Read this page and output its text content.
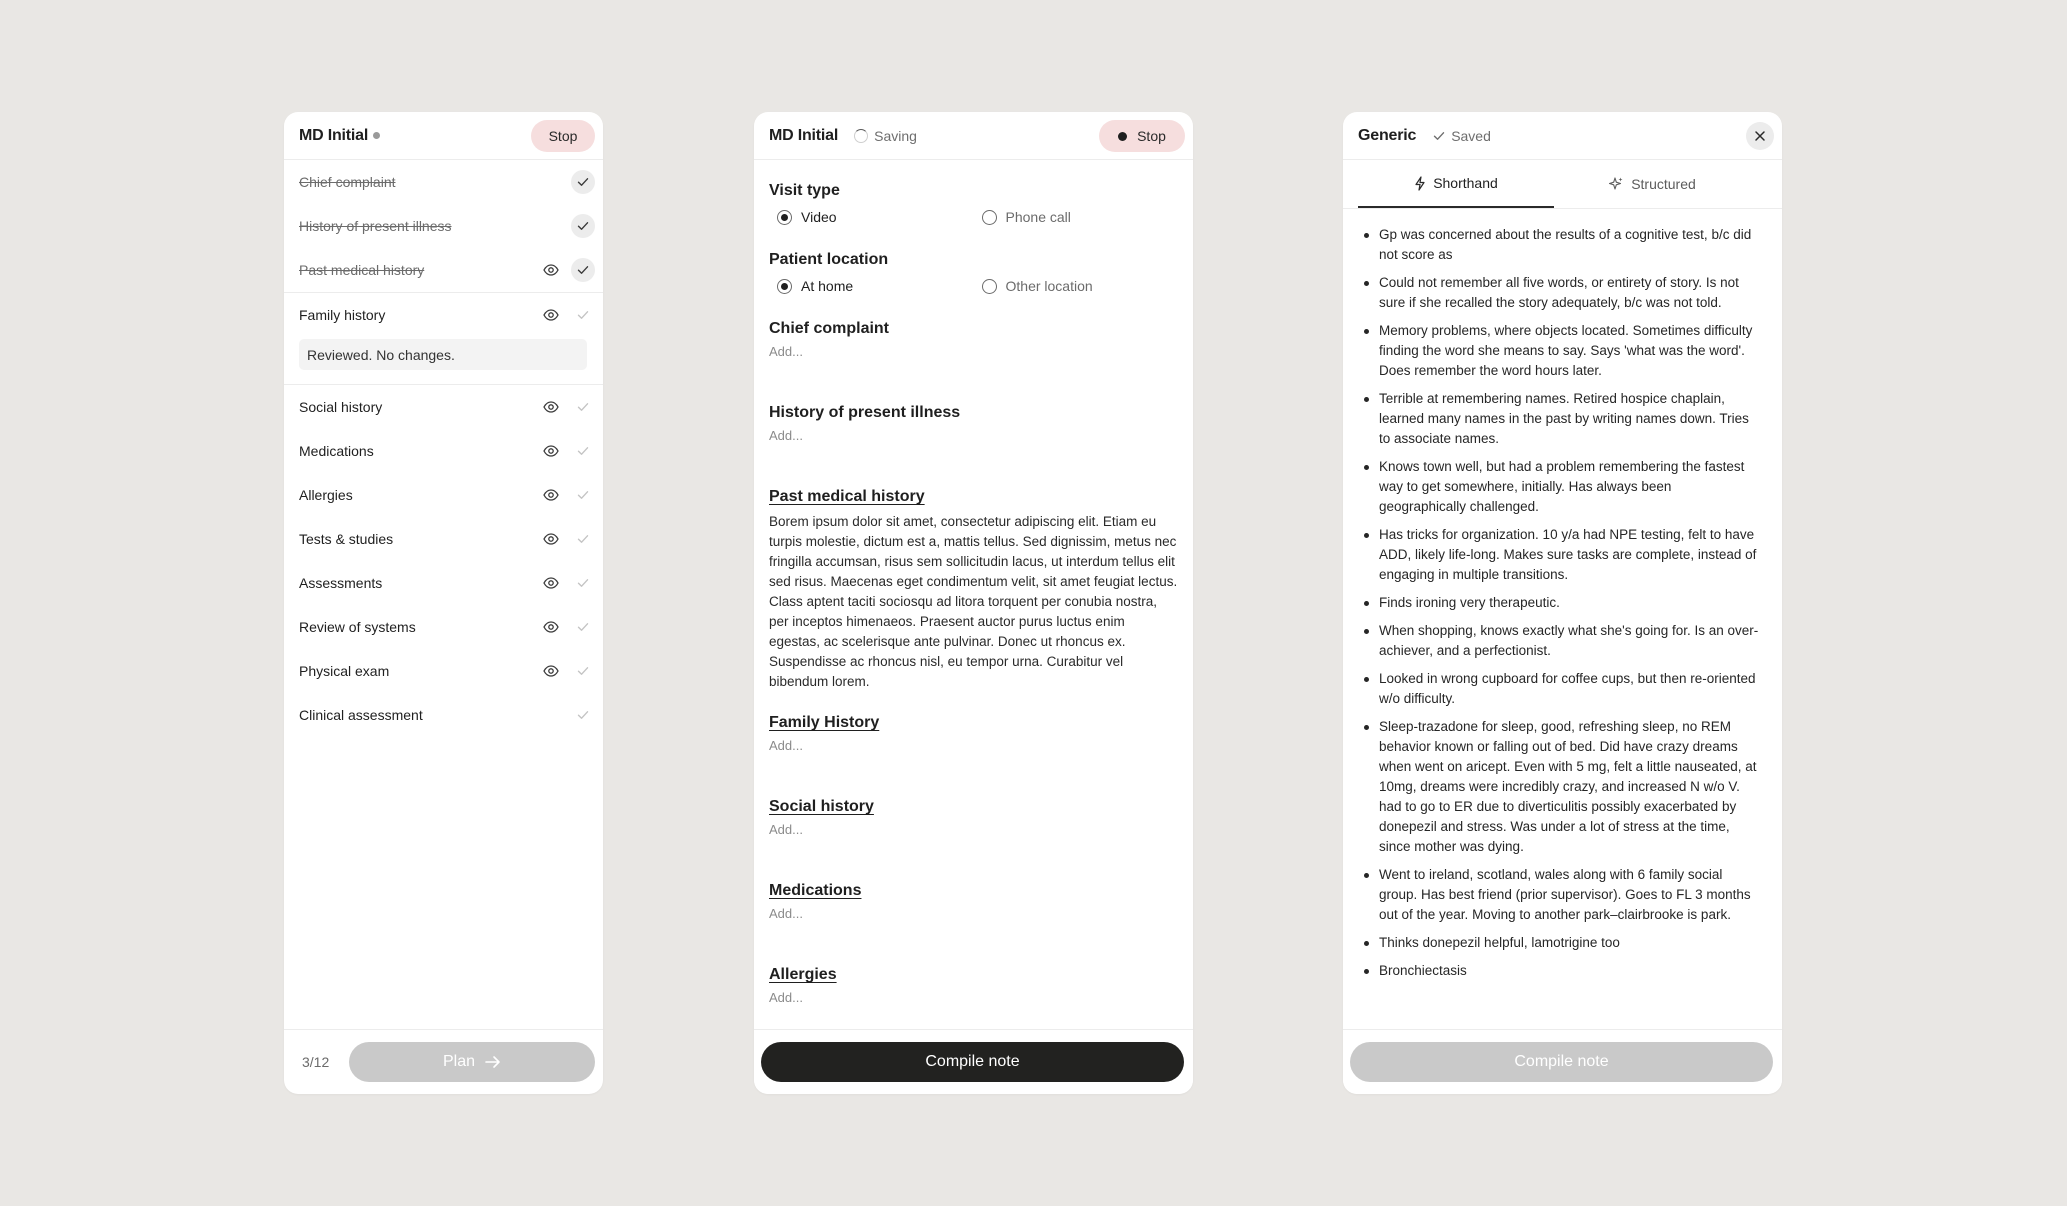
MD Initial	Stop
Chief complaint
History of present illness
Past medical history
Family history
Reviewed. No changes.
Social history
Medications
Allergies
Tests & studies
Assessments
Review of systems
Physical exam
Clinical assessment
3/12	Plan
MD Initial	Saving	Stop
Visit type
Video	Phone call
Patient location
At home	Other location
Chief complaint
Add...
History of present illness
Add...
Past medical history
Borem ipsum dolor sit amet, consectetur adipiscing elit. Etiam eu turpis molestie, dictum est a, mattis tellus. Sed dignissim, metus nec fringilla accumsan, risus sem sollicitudin lacus, ut interdum tellus elit sed risus. Maecenas eget condimentum velit, sit amet feugiat lectus. Class aptent taciti sociosqu ad litora torquent per conubia nostra, per inceptos himenaeos. Praesent auctor purus luctus enim egestas, ac scelerisque ante pulvinar. Donec ut rhoncus ex. Suspendisse ac rhoncus nisl, eu tempor urna. Curabitur vel bibendum lorem.
Family History
Add...
Social history
Add...
Medications
Add...
Allergies
Add...
Compile note
Generic	Saved
Shorthand	Structured
Gp was concerned about the results of a cognitive test, b/c did not score as
Could not remember all five words, or entirety of story. Is not sure if she recalled the story adequately, b/c was not told.
Memory problems, where objects located. Sometimes difficulty finding the word she means to say. Says 'what was the word'. Does remember the word hours later.
Terrible at remembering names. Retired hospice chaplain, learned many names in the past by writing names down. Tries to associate names.
Knows town well, but had a problem remembering the fastest way to get somewhere, initially. Has always been geographically challenged.
Has tricks for organization. 10 y/a had NPE testing, felt to have ADD, likely life-long. Makes sure tasks are complete, instead of engaging in multiple transitions.
Finds ironing very therapeutic.
When shopping, knows exactly what she's going for. Is an over-achiever, and a perfectionist.
Looked in wrong cupboard for coffee cups, but then re-oriented w/o difficulty.
Sleep-trazadone for sleep, good, refreshing sleep, no REM behavior known or falling out of bed. Did have crazy dreams when went on aricept. Even with 5 mg, felt a little nauseated, at 10mg, dreams were incredibly crazy, and increased N w/o V. had to go to ER due to diverticulitis possibly exacerbated by donepezil and stress. Was under a lot of stress at the time, since mother was dying.
Went to ireland, scotland, wales along with 6 family social group. Has best friend (prior supervisor). Goes to FL 3 months out of the year. Moving to another park–clairbrooke is park.
Thinks donepezil helpful, lamotrigine too
Bronchiectasis
Compile note
